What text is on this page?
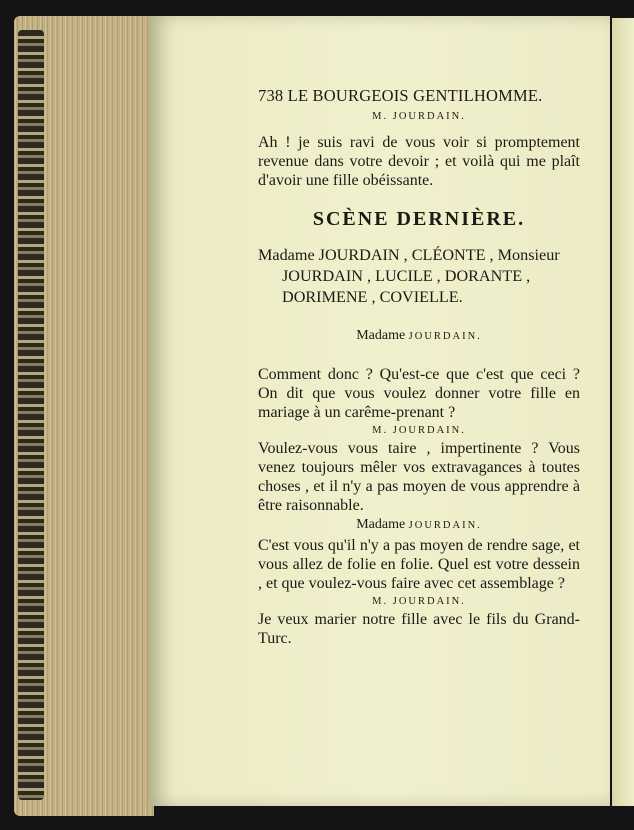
738 LE BOURGEOIS GENTILHOMME.
M. JOURDAIN.

Ah ! je suis ravi de vous voir si promptement revenue dans votre devoir ; et voilà qui me plaît d'avoir une fille obéissante.

SCÈNE DERNIÈRE.
Madame JOURDAIN , CLÉONTE , Monsieur
JOURDAIN , LUCILE , DORANTE ,
DORIMENE , COVIELLE.
Madame JOURDAIN.

Comment donc ? Qu'est-ce que c'est que ceci ? On dit que vous voulez donner votre fille en mariage à un carême-prenant ?

M. JOURDAIN.

Voulez-vous vous taire , impertinente ? Vous venez toujours mêler vos extravagances à toutes choses , et il n'y a pas moyen de vous apprendre à être raisonnable.

Madame JOURDAIN.

C'est vous qu'il n'y a pas moyen de rendre sage, et vous allez de folie en folie. Quel est votre dessein , et que voulez-vous faire avec cet assemblage ?

M. JOURDAIN.

Je veux marier notre fille avec le fils du Grand-Turc.
